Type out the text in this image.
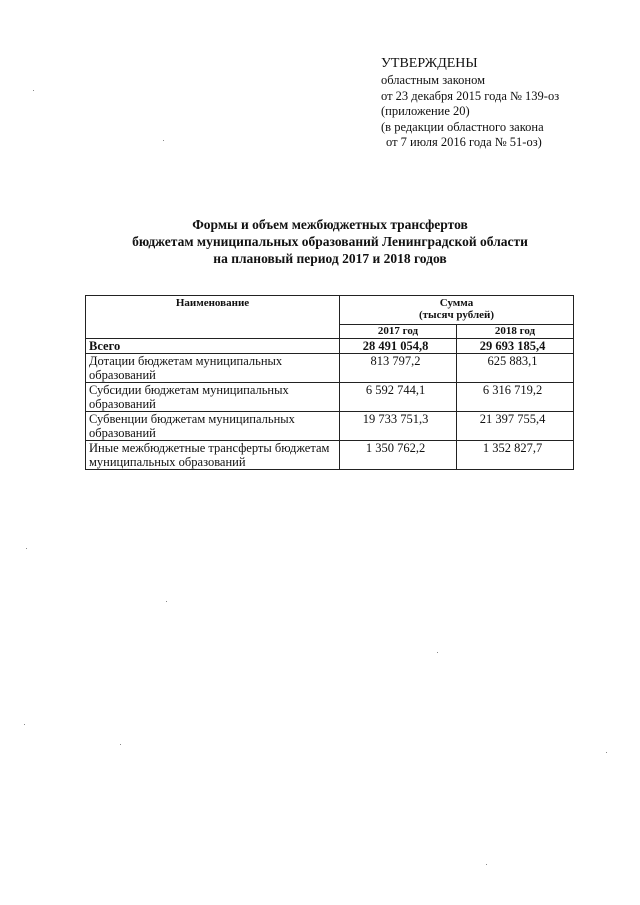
УТВЕРЖДЕНЫ
областным законом
от 23 декабря 2015 года № 139-оз
(приложение 20)
(в редакции областного закона
от 7 июля 2016 года № 51-оз)
Формы и объем межбюджетных трансфертов
бюджетам муниципальных образований Ленинградской области
на плановый период 2017 и 2018 годов
Наименование	Сумма
(тысяч рублей)	

	2017 год	2018 год
Всего	28 491 054,8	29 693 185,4
Дотации бюджетам муниципальных образований	813 797,2	625 883,1
Субсидии бюджетам муниципальных образований	6 592 744,1	6 316 719,2
Субвенции бюджетам муниципальных образований	19 733 751,3	21 397 755,4
Иные межбюджетные трансферты бюджетам муниципальных образований	1 350 762,2	1 352 827,7
